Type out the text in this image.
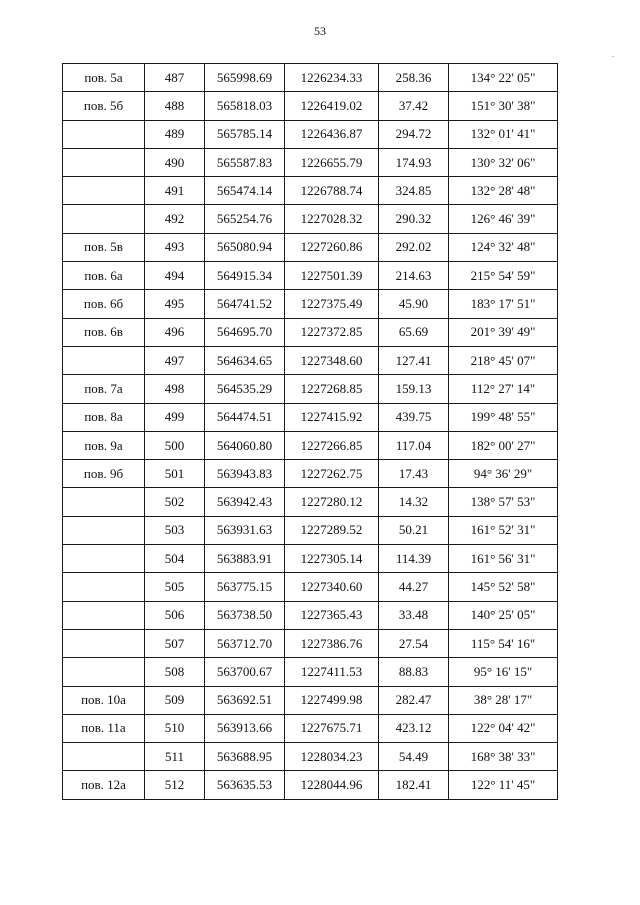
53
.
пов. 5а	487	565998.69	1226234.33	258.36	134° 22' 05"
пов. 5б	488	565818.03	1226419.02	37.42	151° 30' 38"
	489	565785.14	1226436.87	294.72	132° 01' 41"
	490	565587.83	1226655.79	174.93	130° 32' 06"
	491	565474.14	1226788.74	324.85	132° 28' 48"
	492	565254.76	1227028.32	290.32	126° 46' 39"
пов. 5в	493	565080.94	1227260.86	292.02	124° 32' 48"
пов. 6а	494	564915.34	1227501.39	214.63	215° 54' 59"
пов. 6б	495	564741.52	1227375.49	45.90	183° 17' 51"
пов. 6в	496	564695.70	1227372.85	65.69	201° 39' 49"
	497	564634.65	1227348.60	127.41	218° 45' 07"
пов. 7а	498	564535.29	1227268.85	159.13	112° 27' 14"
пов. 8а	499	564474.51	1227415.92	439.75	199° 48' 55"
пов. 9а	500	564060.80	1227266.85	117.04	182° 00' 27"
пов. 9б	501	563943.83	1227262.75	17.43	94° 36' 29"
	502	563942.43	1227280.12	14.32	138° 57' 53"
	503	563931.63	1227289.52	50.21	161° 52' 31"
	504	563883.91	1227305.14	114.39	161° 56' 31"
	505	563775.15	1227340.60	44.27	145° 52' 58"
	506	563738.50	1227365.43	33.48	140° 25' 05"
	507	563712.70	1227386.76	27.54	115° 54' 16"
	508	563700.67	1227411.53	88.83	95° 16' 15"
пов. 10а	509	563692.51	1227499.98	282.47	38° 28' 17"
пов. 11а	510	563913.66	1227675.71	423.12	122° 04' 42"
	511	563688.95	1228034.23	54.49	168° 38' 33"
пов. 12а	512	563635.53	1228044.96	182.41	122° 11' 45"
